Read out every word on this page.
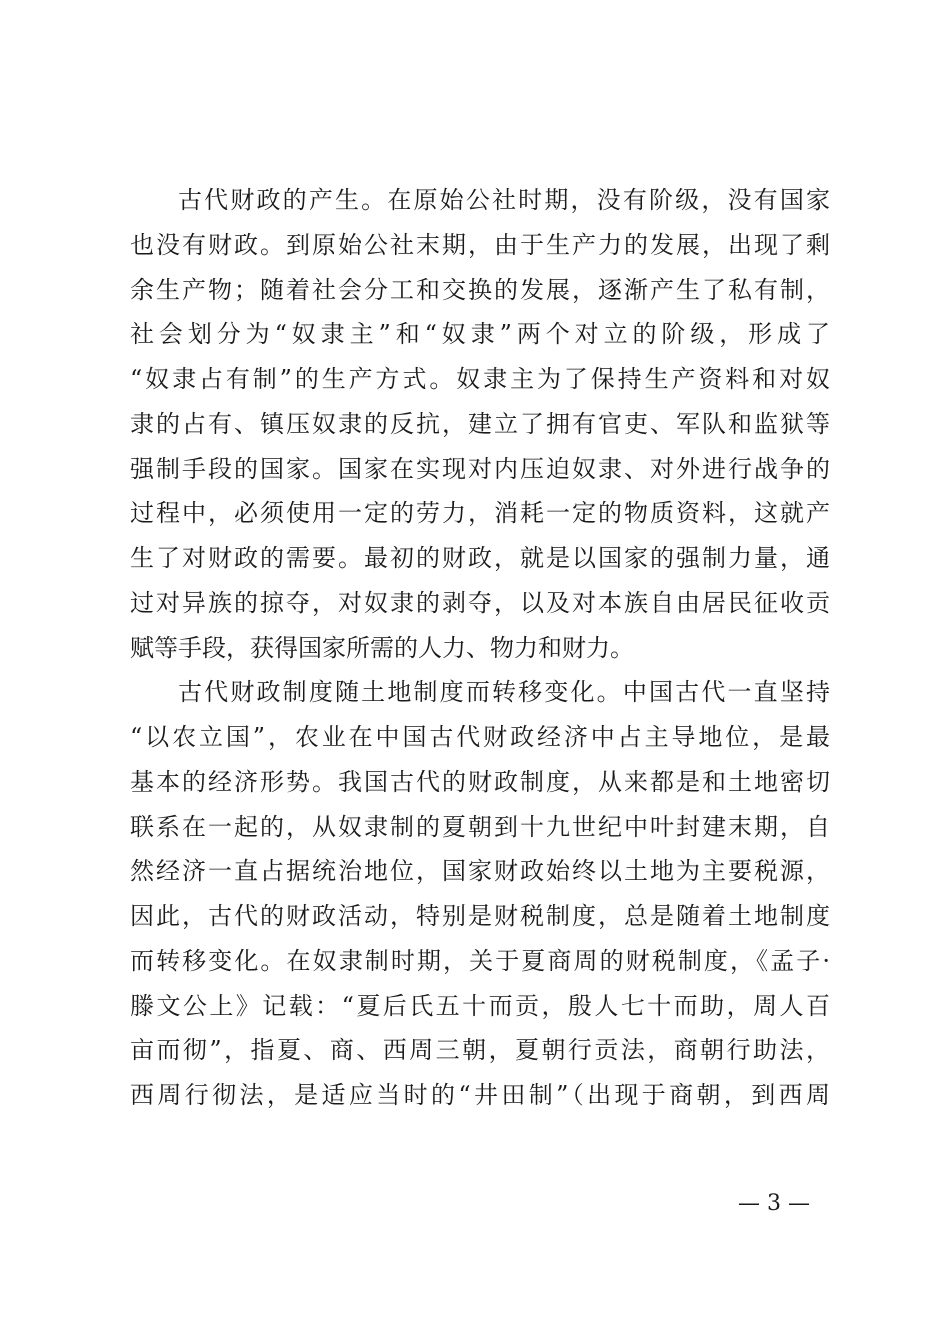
古代财政的产生。在原始公社时期，没有阶级，没有国家
也没有财政。到原始公社末期，由于生产力的发展，出现了剩
余生产物；随着社会分工和交换的发展，逐渐产生了私有制，
社会划分为“奴隶主”和“奴隶”两个对立的阶级，形成了
“奴隶占有制”的生产方式。奴隶主为了保持生产资料和对奴
隶的占有、镇压奴隶的反抗，建立了拥有官吏、军队和监狱等
强制手段的国家。国家在实现对内压迫奴隶、对外进行战争的
过程中，必须使用一定的劳力，消耗一定的物质资料，这就产
生了对财政的需要。最初的财政，就是以国家的强制力量，通
过对异族的掠夺，对奴隶的剥夺，以及对本族自由居民征收贡
赋等手段，获得国家所需的人力、物力和财力。
古代财政制度随土地制度而转移变化。中国古代一直坚持
“以农立国”，农业在中国古代财政经济中占主导地位，是最
基本的经济形势。我国古代的财政制度，从来都是和土地密切
联系在一起的，从奴隶制的夏朝到十九世纪中叶封建末期，自
然经济一直占据统治地位，国家财政始终以土地为主要税源，
因此，古代的财政活动，特别是财税制度，总是随着土地制度
而转移变化。在奴隶制时期，关于夏商周的财税制度，《孟子·
滕文公上》记载：“夏后氏五十而贡，殷人七十而助，周人百
亩而彻”，指夏、商、西周三朝，夏朝行贡法，商朝行助法，
西周行彻法，是适应当时的“井田制”（出现于商朝，到西周
— 3 —
